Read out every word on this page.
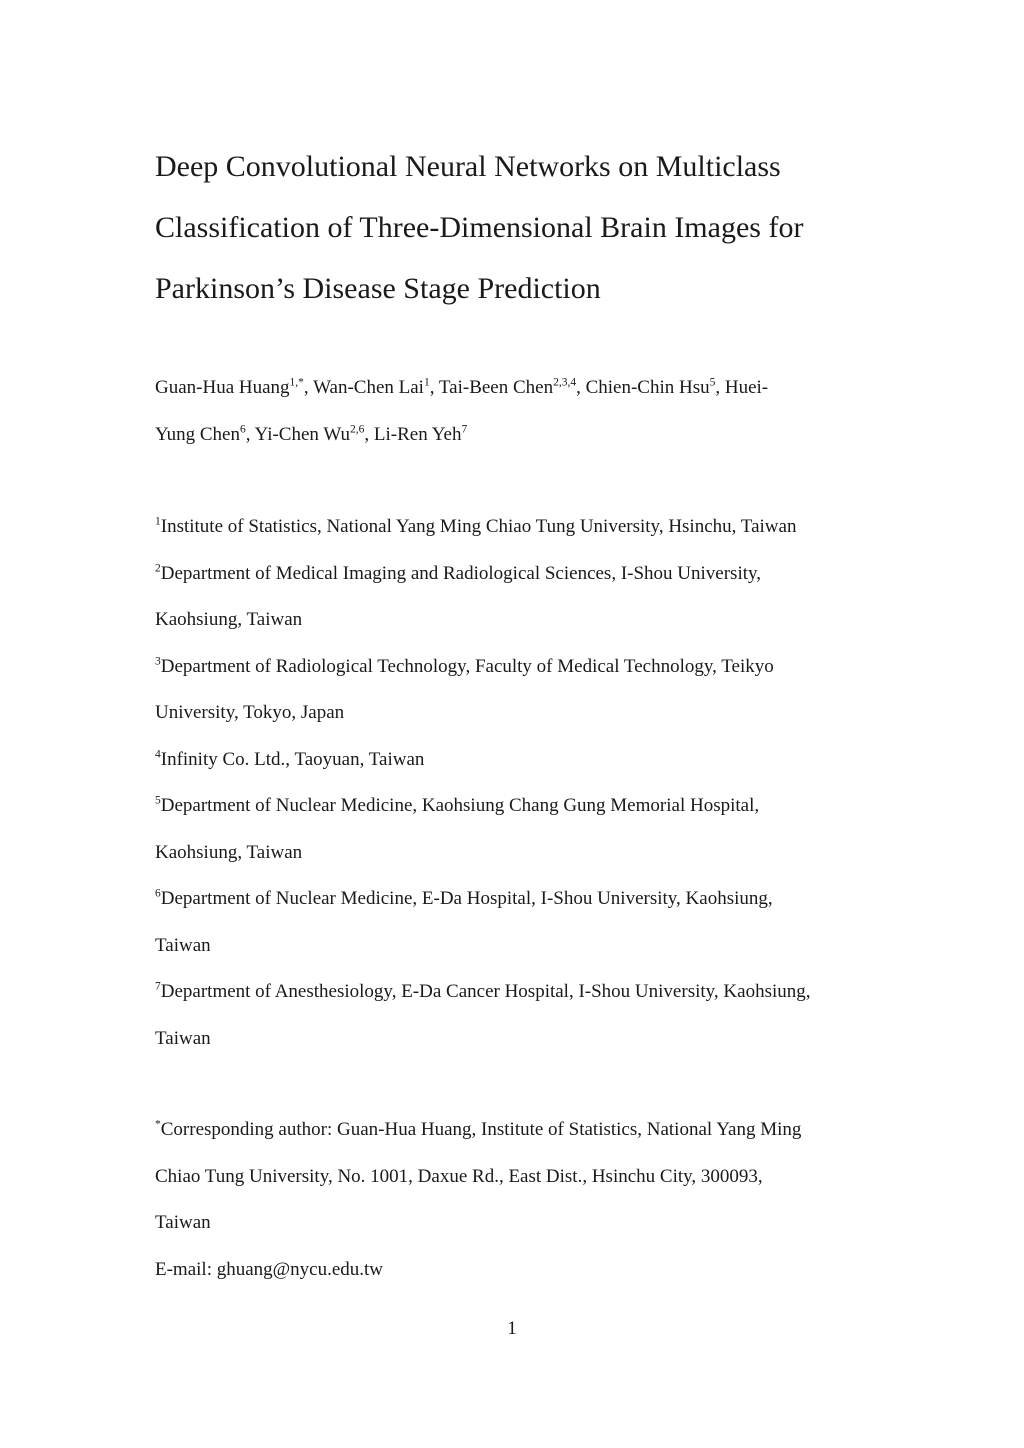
Deep Convolutional Neural Networks on Multiclass
Classification of Three-Dimensional Brain Images for
Parkinson’s Disease Stage Prediction
Guan-Hua Huang$^{1,*}$, Wan-Chen Lai$^1$, Tai-Been Chen$^{2,3,4}$, Chien-Chin Hsu$^5$, Huei-
Yung Chen$^6$, Yi-Chen Wu$^{2,6}$, Li-Ren Yeh$^7$
$^1$Institute of Statistics, National Yang Ming Chiao Tung University, Hsinchu, Taiwan
$^2$Department of Medical Imaging and Radiological Sciences, I-Shou University,
Kaohsiung, Taiwan
$^3$Department of Radiological Technology, Faculty of Medical Technology, Teikyo
University, Tokyo, Japan
$^4$Infinity Co. Ltd., Taoyuan, Taiwan
$^5$Department of Nuclear Medicine, Kaohsiung Chang Gung Memorial Hospital,
Kaohsiung, Taiwan
$^6$Department of Nuclear Medicine, E-Da Hospital, I-Shou University, Kaohsiung,
Taiwan
$^7$Department of Anesthesiology, E-Da Cancer Hospital, I-Shou University, Kaohsiung,
Taiwan
*Corresponding author: Guan-Hua Huang, Institute of Statistics, National Yang Ming
Chiao Tung University, No. 1001, Daxue Rd., East Dist., Hsinchu City, 300093,
Taiwan
E-mail: ghuang@nycu.edu.tw
1
